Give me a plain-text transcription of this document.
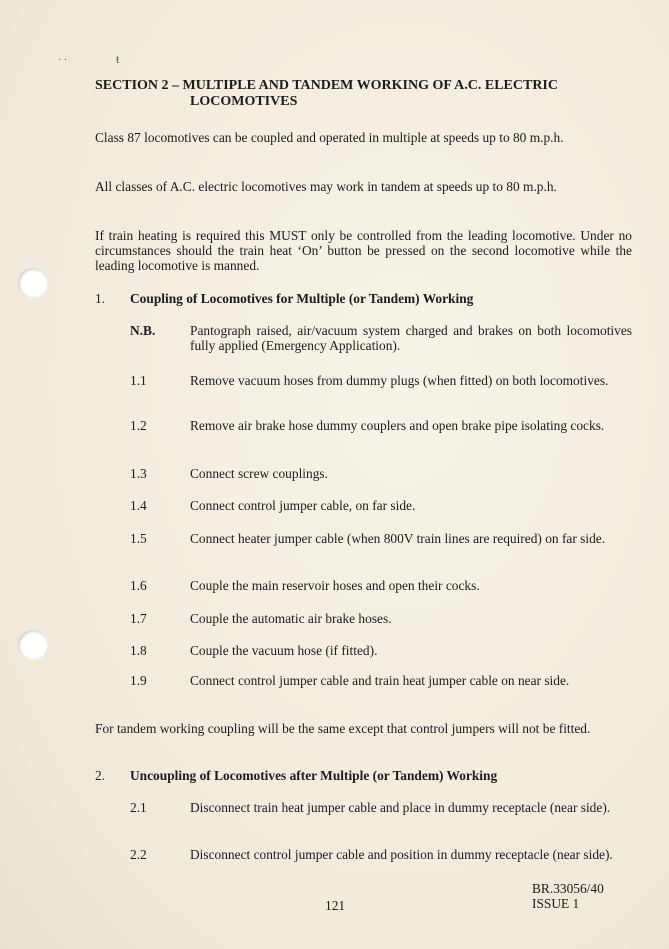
· ·	ŧ
SECTION 2 – MULTIPLE AND TANDEM WORKING OF A.C. ELECTRIC
LOCOMOTIVES

Class 87 locomotives can be coupled and operated in multiple at speeds up to 80 m.p.h.

All classes of A.C. electric locomotives may work in tandem at speeds up to 80 m.p.h.

If train heating is required this MUST only be controlled from the leading locomotive. Under no circumstances should the train heat ‘On’ button be pressed on the second locomotive while the leading locomotive is manned.

1. Coupling of Locomotives for Multiple (or Tandem) Working
N.B.	Pantograph raised, air/vacuum system charged and brakes on both locomotives fully applied (Emergency Application).
1.1	Remove vacuum hoses from dummy plugs (when fitted) on both locomotives.
1.2	Remove air brake hose dummy couplers and open brake pipe isolating cocks.
1.3	Connect screw couplings.
1.4	Connect control jumper cable, on far side.
1.5	Connect heater jumper cable (when 800V train lines are required) on far side.
1.6	Couple the main reservoir hoses and open their cocks.
1.7	Couple the automatic air brake hoses.
1.8	Couple the vacuum hose (if fitted).
1.9	Connect control jumper cable and train heat jumper cable on near side.

For tandem working coupling will be the same except that control jumpers will not be fitted.

2. Uncoupling of Locomotives after Multiple (or Tandem) Working
2.1	Disconnect train heat jumper cable and place in dummy receptacle (near side).
2.2	Disconnect control jumper cable and position in dummy receptacle (near side).
BR.33056/40
ISSUE 1
121
